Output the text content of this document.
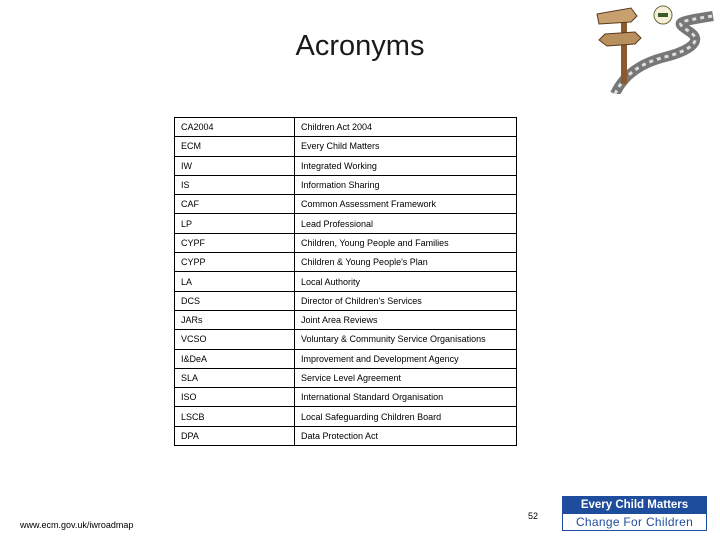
Acronyms
CA2004	Children Act 2004
ECM	Every Child Matters
IW	Integrated Working
IS	Information Sharing
CAF	Common Assessment Framework
LP	Lead Professional
CYPF	Children, Young People and Families
CYPP	Children & Young People's Plan
LA	Local Authority
DCS	Director of Children's Services
JARs	Joint Area Reviews
VCSO	Voluntary & Community Service Organisations
I&DeA	Improvement and Development Agency
SLA	Service Level Agreement
ISO	International Standard Organisation
LSCB	Local Safeguarding Children Board
DPA	Data Protection Act
www.ecm.gov.uk/iwroadmap
52
Every Child Matters
Change For Children
